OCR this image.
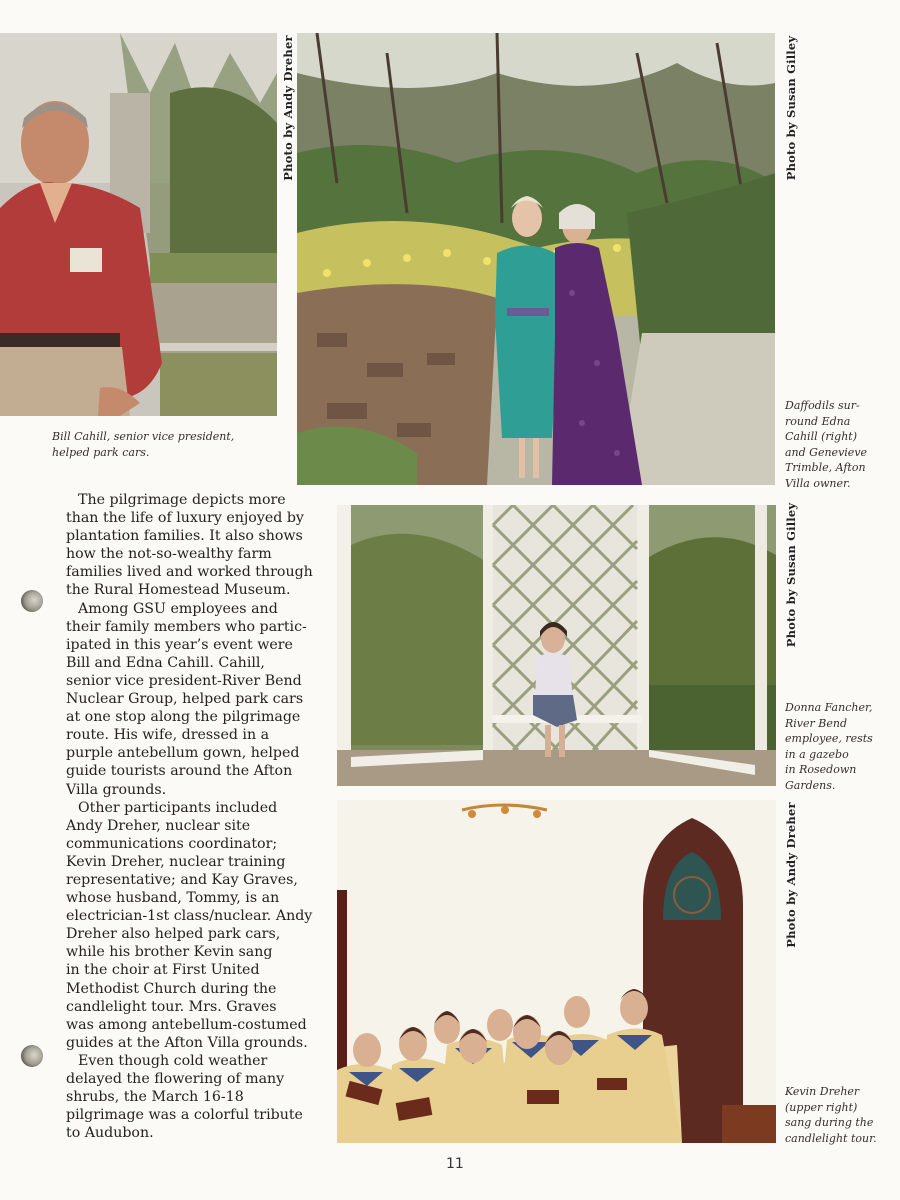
Bill Cahill, senior vice president,
helped park cars.

Photo by Andy Dreher	Photo by Susan Gilley

Daffodils sur-
round Edna
Cahill (right)
and Genevieve
Trimble, Afton
Villa owner.

Photo by Susan Gilley

Donna Fancher,
River Bend
employee, rests
in a gazebo
in Rosedown
Gardens.

Photo by Andy Dreher

Kevin Dreher
(upper right)
sang during the
candlelight tour.

The pilgrimage depicts more
than the life of luxury enjoyed by
plantation families. It also shows
how the not-so-wealthy farm
families lived and worked through
the Rural Homestead Museum.
Among GSU employees and
their family members who partic-
ipated in this year’s event were
Bill and Edna Cahill. Cahill,
senior vice president-River Bend
Nuclear Group, helped park cars
at one stop along the pilgrimage
route. His wife, dressed in a
purple antebellum gown, helped
guide tourists around the Afton
Villa grounds.
Other participants included
Andy Dreher, nuclear site
communications coordinator;
Kevin Dreher, nuclear training
representative; and Kay Graves,
whose husband, Tommy, is an
electrician-1st class/nuclear. Andy
Dreher also helped park cars,
while his brother Kevin sang
in the choir at First United
Methodist Church during the
candlelight tour. Mrs. Graves
was among antebellum-costumed
guides at the Afton Villa grounds.
Even though cold weather
delayed the flowering of many
shrubs, the March 16-18
pilgrimage was a colorful tribute
to Audubon.
11
